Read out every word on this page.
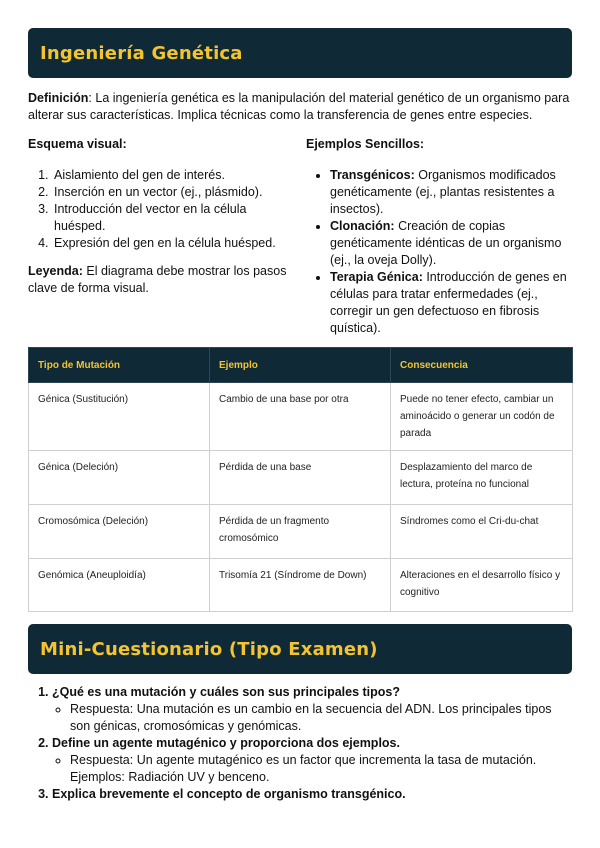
Ingeniería Genética

Definición: La ingeniería genética es la manipulación del material genético de un organismo para alterar sus características. Implica técnicas como la transferencia de genes entre especies.

Esquema visual:

1. Aislamiento del gen de interés.
2. Inserción en un vector (ej., plásmido).
3. Introducción del vector en la célula huésped.
4. Expresión del gen en la célula huésped.

Leyenda: El diagrama debe mostrar los pasos clave de forma visual.

Ejemplos Sencillos:

• Transgénicos: Organismos modificados genéticamente (ej., plantas resistentes a insectos).
• Clonación: Creación de copias genéticamente idénticas de un organismo (ej., la oveja Dolly).
• Terapia Génica: Introducción de genes en células para tratar enfermedades (ej., corregir un gen defectuoso en fibrosis quística).
Tipo de Mutación	Ejemplo	Consecuencia
Génica (Sustitución)	Cambio de una base por otra	Puede no tener efecto, cambiar un aminoácido o generar un codón de parada
Génica (Deleción)	Pérdida de una base	Desplazamiento del marco de lectura, proteína no funcional
Cromosómica (Deleción)	Pérdida de un fragmento cromosómico	Síndromes como el Cri-du-chat
Genómica (Aneuploidía)	Trisomía 21 (Síndrome de Down)	Alteraciones en el desarrollo físico y cognitivo
Mini-Cuestionario (Tipo Examen)
1. ¿Qué es una mutación y cuáles son sus principales tipos?
◦ Respuesta: Una mutación es un cambio en la secuencia del ADN. Los principales tipos son génicas, cromosómicas y genómicas.
2. Define un agente mutagénico y proporciona dos ejemplos.
◦ Respuesta: Un agente mutagénico es un factor que incrementa la tasa de mutación. Ejemplos: Radiación UV y benceno.
3. Explica brevemente el concepto de organismo transgénico.
